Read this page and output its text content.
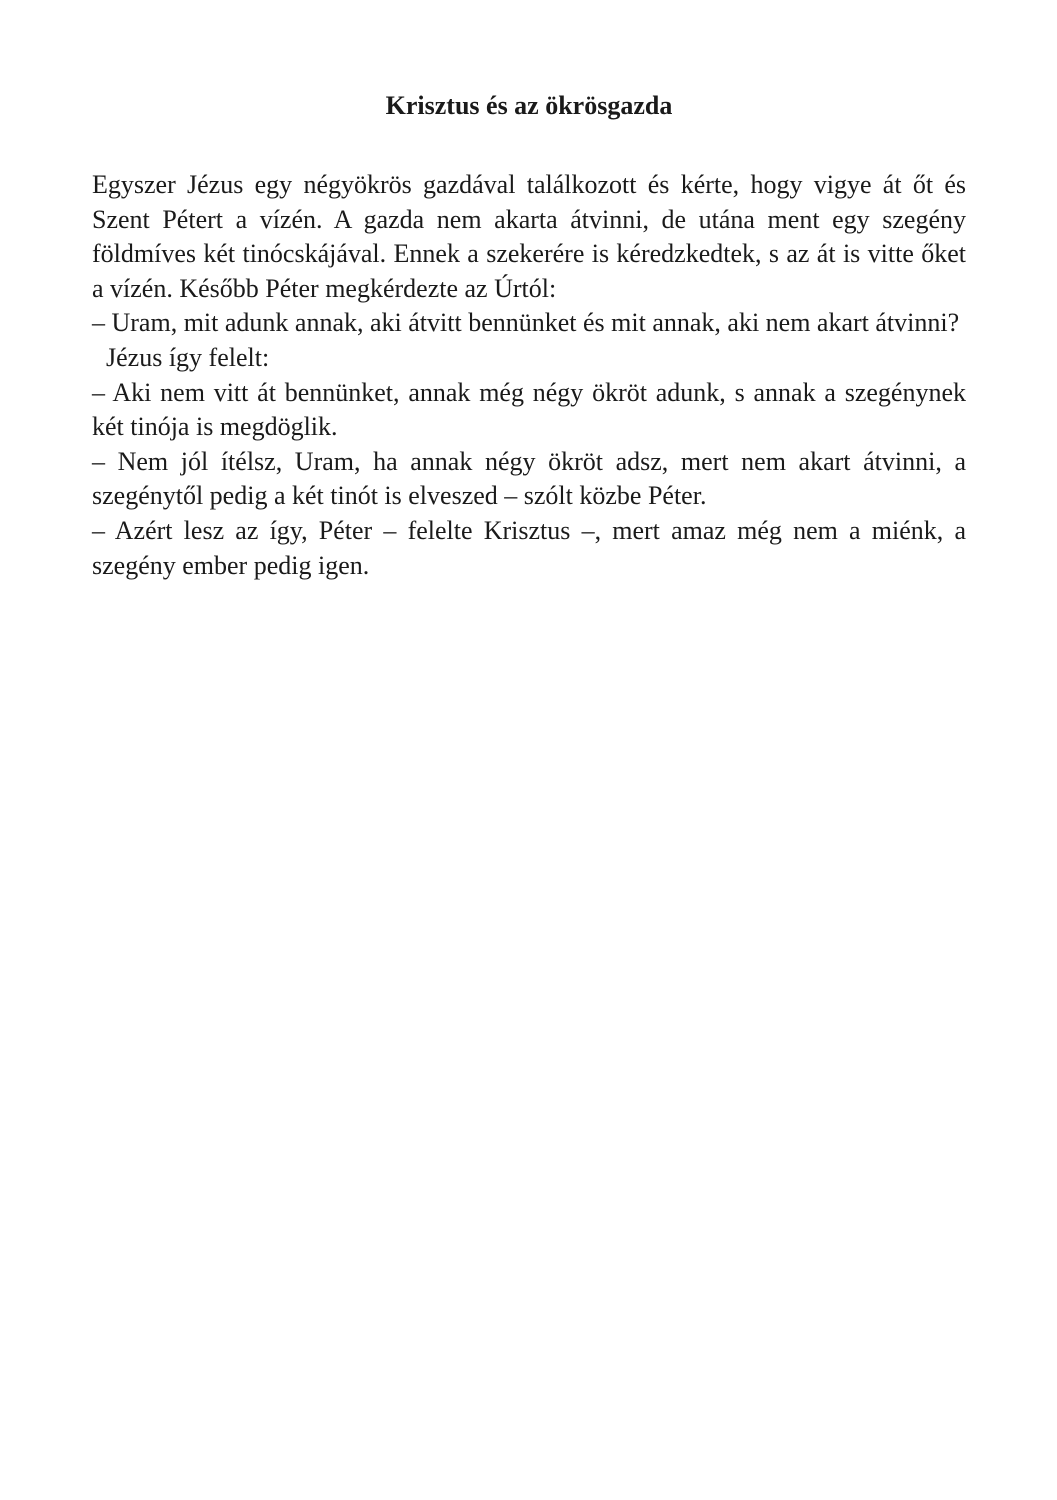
Krisztus és az ökrösgazda

Egyszer Jézus egy négyökrös gazdával találkozott és kérte, hogy vigye át őt és Szent Pétert a vízén. A gazda nem akarta átvinni, de utána ment egy szegény földmíves két tinócskájával. Ennek a szekerére is kéredzkedtek, s az át is vitte őket a vízén. Később Péter megkérdezte az Úrtól:

– Uram, mit adunk annak, aki átvitt bennünket és mit annak, aki nem akart átvinni?

Jézus így felelt:

– Aki nem vitt át bennünket, annak még négy ökröt adunk, s annak a szegénynek két tinója is megdöglik.

– Nem jól ítélsz, Uram, ha annak négy ökröt adsz, mert nem akart átvinni, a szegénytől pedig a két tinót is elveszed – szólt közbe Péter.

– Azért lesz az így, Péter – felelte Krisztus –, mert amaz még nem a miénk, a szegény ember pedig igen.
